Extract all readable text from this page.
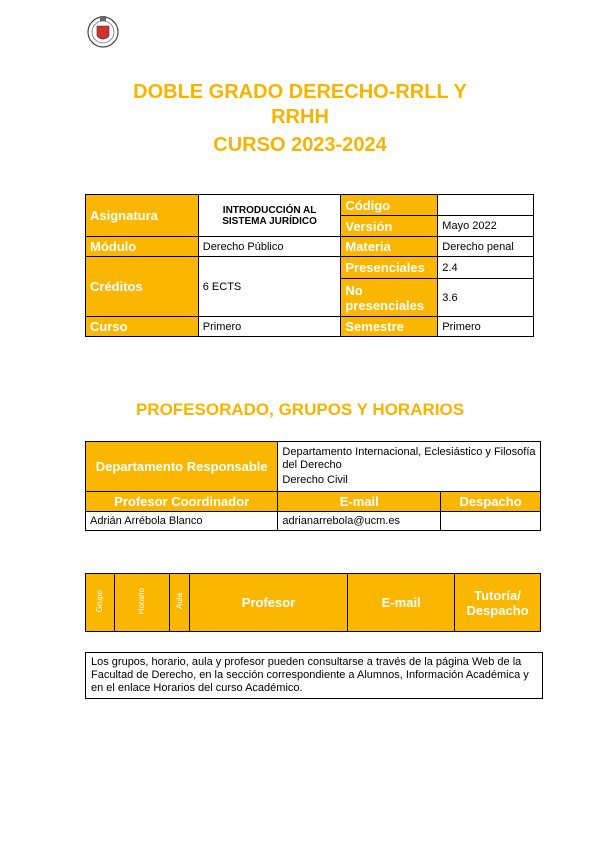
DOBLE GRADO DERECHO-RRLL Y
RRHH
CURSO 2023-2024
Asignatura	INTRODUCCIÓN AL SISTEMA JURÍDICO	Código	
		Versión	Mayo 2022
Módulo	Derecho Público	Materia	Derecho penal
Créditos	6 ECTS	Presenciales	2.4
		No presenciales	3.6
Curso	Primero	Semestre	Primero
PROFESORADO, GRUPOS Y HORARIOS
Departamento Responsable	Departamento Internacional, Eclesiástico y Filosofía del Derecho
Derecho Civil	

Profesor Coordinador	E-mail	Despacho
Adrián Arrébola Blanco	adrianarrebola@ucm.es	
Grupo	Horario	Aula	Profesor	E-mail	Tutoría/ Despacho
Los grupos, horario, aula y profesor pueden consultarse a través de la página Web de la Facultad de Derecho, en la sección correspondiente a Alumnos, Información Académica y en el enlace Horarios del curso Académico.
